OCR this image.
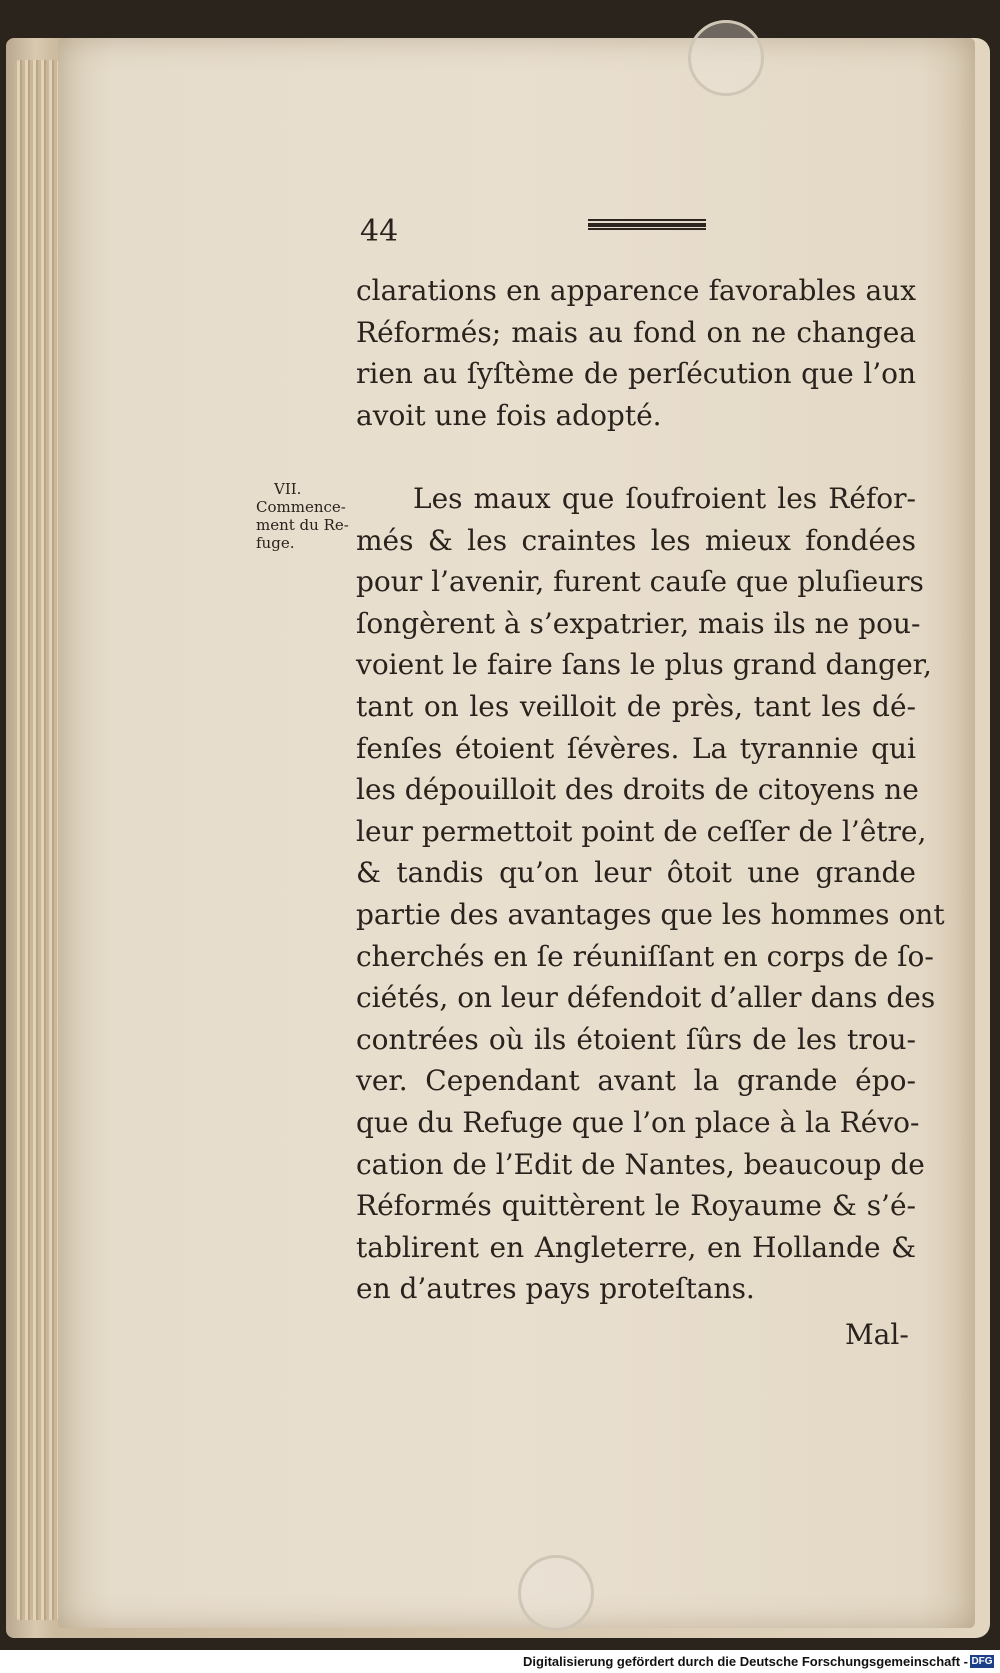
44
clarations en apparence favorables aux
Réformés; mais au fond on ne changea
rien au ſyſtème de perſécution que l’on
avoit une fois adopté.
VII.
Commence-
ment du Re-
fuge.
Les maux que ſoufroient les Réfor-
més & les craintes les mieux fondées
pour l’avenir, furent cauſe que pluſieurs
ſongèrent à s’expatrier, mais ils ne pou-
voient le faire ſans le plus grand danger,
tant on les veilloit de près, tant les dé-
fenſes étoient ſévères. La tyrannie qui
les dépouilloit des droits de citoyens ne
leur permettoit point de ceſſer de l’être,
& tandis qu’on leur ôtoit une grande
partie des avantages que les hommes ont
cherchés en ſe réuniſſant en corps de ſo-
ciétés, on leur défendoit d’aller dans des
contrées où ils étoient ſûrs de les trou-
ver. Cependant avant la grande épo-
que du Refuge que l’on place à la Révo-
cation de l’Edit de Nantes, beaucoup de
Réformés quittèrent le Royaume & s’é-
tablirent en Angleterre, en Hollande &
en d’autres pays proteſtans.
Mal-
Digitalisierung gefördert durch die Deutsche Forschungsgemeinschaft - DFG
